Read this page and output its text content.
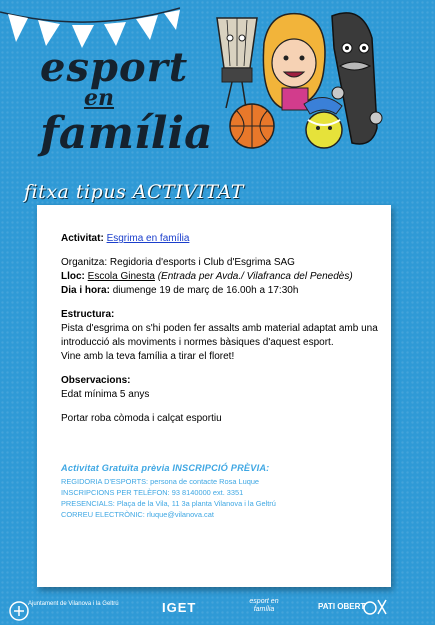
esport
en
família
fitxa tipus ACTIVITAT

Activitat: Esgrima en família

Organitza: Regidoria d'esports i Club d'Esgrima SAG

Lloc: Escola Ginesta (Entrada per Avda./ Vilafranca del Penedès)

Dia i hora: diumenge 19 de març de 16.00h a 17:30h

Estructura:

Pista d'esgrima on s'hi poden fer assalts amb material adaptat amb una introducció als moviments i normes bàsiques d'aquest esport.

Vine amb la teva família a tirar el floret!

Observacions:

Edat mínima 5 anys

Portar roba còmoda i calçat esportiu

Activitat Gratuïta prèvia INSCRIPCIÓ PRÈVIA:

REGIDORIA D'ESPORTS: persona de contacte Rosa Luque

INSCRIPCIONS PER TELÈFON: 93 8140000 ext. 3351

PRESENCIALS: Plaça de la Vila, 11 3a planta Vilanova i la Geltrú

CORREU ELECTRÒNIC: rluque@vilanova.cat

Ajuntament de Vilanova i la Geltrú	IGET	esport en família	PATI OBERT
